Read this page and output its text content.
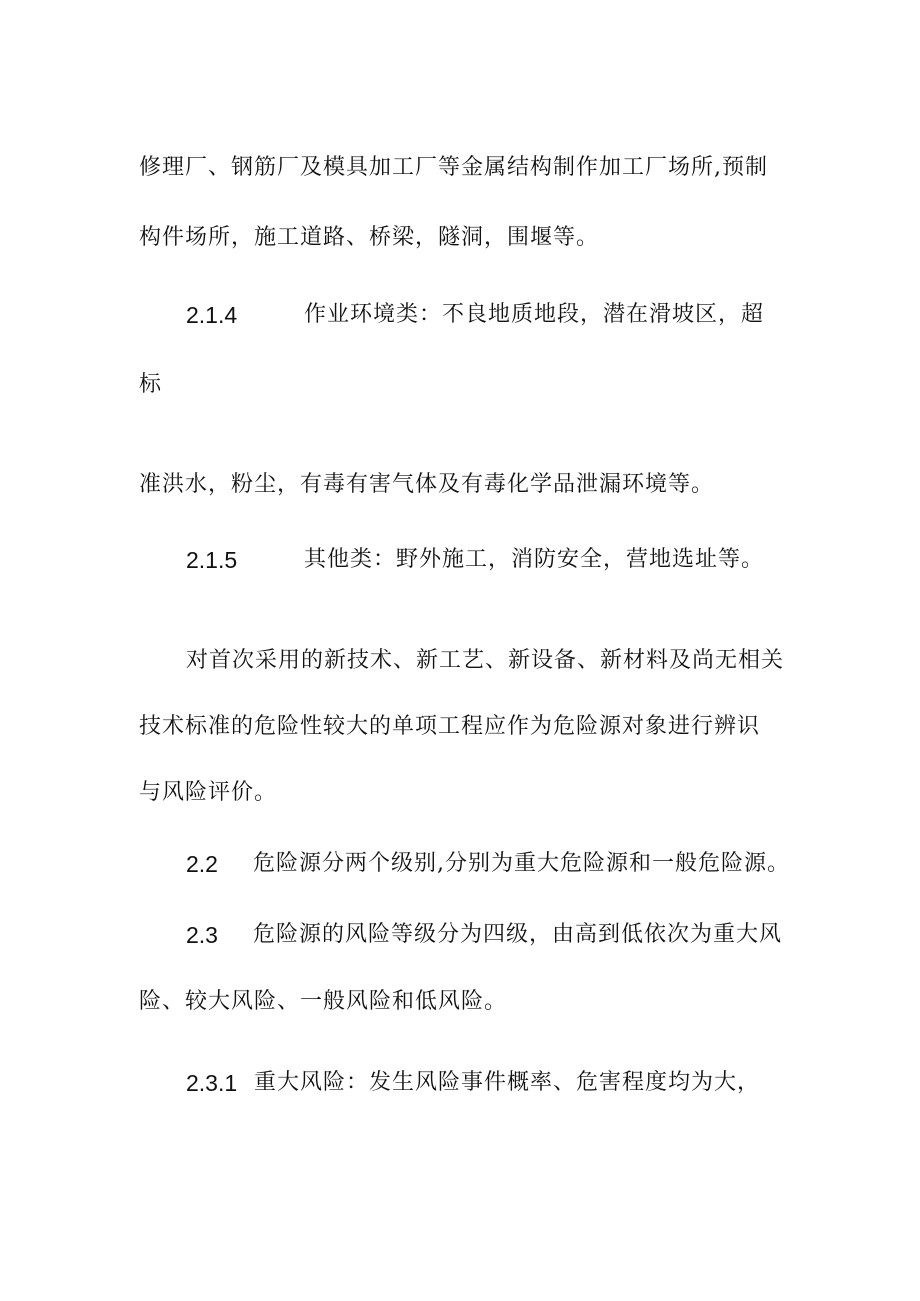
修理厂、钢筋厂及模具加工厂等金属结构制作加工厂场所,预制
构件场所，施工道路、桥梁，隧洞，围堰等。
2.1.4	作业环境类：不良地质地段，潜在滑坡区，超
标
准洪水，粉尘，有毒有害气体及有毒化学品泄漏环境等。
2.1.5	其他类：野外施工，消防安全，营地选址等。
对首次采用的新技术、新工艺、新设备、新材料及尚无相关
技术标准的危险性较大的单项工程应作为危险源对象进行辨识
与风险评价。
2.2 危险源分两个级别,分别为重大危险源和一般危险源。
2.3 危险源的风险等级分为四级，由高到低依次为重大风
险、较大风险、一般风险和低风险。
2.3.1 重大风险：发生风险事件概率、危害程度均为大，
